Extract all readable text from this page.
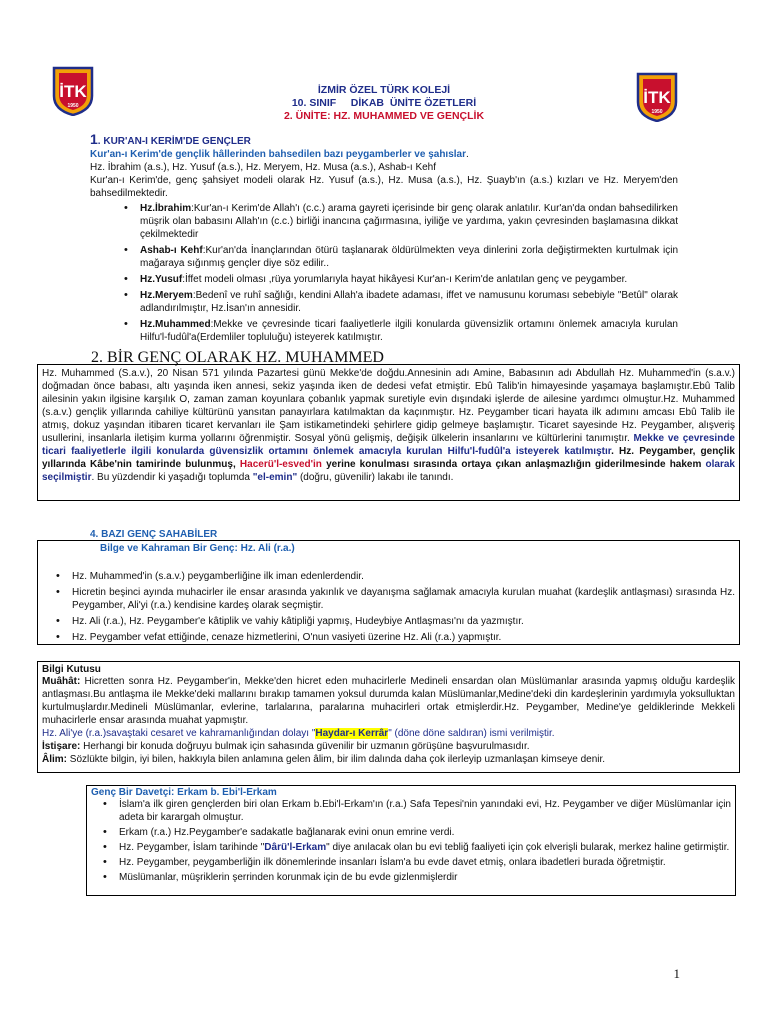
İTK
1950	İTK
1950
İZMİR ÖZEL TÜRK KOLEJİ
10. SINIF     DİKAB  ÜNİTE ÖZETLERİ
2. ÜNİTE: HZ. MUHAMMED VE GENÇLİK
1. KUR'AN-I KERİM'DE GENÇLER

Kur'an-ı Kerim'de gençlik hâllerinden bahsedilen bazı peygamberler ve şahıslar.

Hz. İbrahim (a.s.), Hz. Yusuf (a.s.), Hz. Meryem, Hz. Musa (a.s.), Ashab-ı Kehf

Kur'an-ı Kerim'de, genç şahsiyet modeli olarak Hz. Yusuf (a.s.), Hz. Musa (a.s.), Hz. Şuayb'ın (a.s.) kızları ve Hz. Meryem'den bahsedilmektedir.

• Hz.İbrahim:Kur'an-ı Kerim'de Allah'ı (c.c.) arama gayreti içerisinde bir genç olarak anlatılır. Kur'an'da ondan bahsedilirken müşrik olan babasını Allah'ın (c.c.) birliği inancına çağırmasına, iyiliğe ve yardıma, yakın çevresinden başlamasına dikkat çekilmektedir
• Ashab-ı Kehf:Kur'an'da İnançlarından ötürü taşlanarak öldürülmekten veya dinlerini zorla değiştirmekten kurtulmak için mağaraya sığınmış gençler diye söz edilir..
• Hz.Yusuf:İffet modeli olması ,rüya yorumlarıyla hayat hikâyesi Kur'an-ı Kerim'de anlatılan genç ve peygamber.
• Hz.Meryem:Bedenî ve ruhî sağlığı, kendini Allah'a ibadete adaması, iffet ve namusunu koruması sebebiyle "Betûl" olarak adlandırılmıştır, Hz.İsan'ın annesidir.
• Hz.Muhammed:Mekke ve çevresinde ticari faaliyetlerle ilgili konularda güvensizlik ortamını önlemek amacıyla kurulan Hilfu'l-fudûl'a(Erdemliler topluluğu) isteyerek katılmıştır.
2. BİR GENÇ OLARAK HZ. MUHAMMED

Hz. Muhammed (S.a.v.), 20 Nisan 571 yılında Pazartesi günü Mekke'de doğdu.Annesinin adı Amine, Babasının adı Abdullah Hz. Muhammed'in (s.a.v.) doğmadan önce babası, altı yaşında iken annesi, sekiz yaşında iken de dedesi vefat etmiştir. Ebû Talib'in himayesinde yaşamaya başlamıştır.Ebû Talib ailesinin yakın ilgisine karşılık O, zaman zaman koyunlara çobanlık yapmak suretiyle evin dışındaki işlerde de ailesine yardımcı olmuştur.Hz. Muhammed (s.a.v.) gençlik yıllarında cahiliye kültürünü yansıtan panayırlara katılmaktan da kaçınmıştır. Hz. Peygamber ticari hayata ilk adımını amcası Ebû Talib ile atmış, dokuz yaşından itibaren ticaret kervanları ile Şam istikametindeki şehirlere gidip gelmeye başlamıştır. Ticaret sayesinde Hz. Peygamber, alışveriş usullerini, insanlarla iletişim kurma yollarını öğrenmiştir. Sosyal yönü gelişmiş, değişik ülkelerin insanlarını ve kültürlerini tanımıştır. Mekke ve çevresinde ticari faaliyetlerle ilgili konularda güvensizlik ortamını önlemek amacıyla kurulan Hilfu'l-fudûl'a isteyerek katılmıştır. Hz. Peygamber, gençlik yıllarında Kâbe'nin tamirinde bulunmuş, Hacerü'l-esved'in yerine konulması sırasında ortaya çıkan anlaşmazlığın giderilmesinde hakem olarak seçilmiştir. Bu yüzdendir ki yaşadığı toplumda "el-emin" (doğru, güvenilir) lakabı ile tanındı.

4. BAZI GENÇ SAHABİLER
Bilge ve Kahraman Bir Genç: Hz. Ali (r.a.)
• Hz. Muhammed'in (s.a.v.) peygamberliğine ilk iman edenlerdendir.
• Hicretin beşinci ayında muhacirler ile ensar arasında yakınlık ve dayanışma sağlamak amacıyla kurulan muahat (kardeşlik antlaşması) sırasında Hz. Peygamber, Ali'yi (r.a.) kendisine kardeş olarak seçmiştir.
• Hz. Ali (r.a.), Hz. Peygamber'e kâtiplik ve vahiy kâtipliği yapmış, Hudeybiye Antlaşması'nı da yazmıştır.
• Hz. Peygamber vefat ettiğinde, cenaze hizmetlerini, O'nun vasiyeti üzerine Hz. Ali (r.a.) yapmıştır.
Bilgi Kutusu

Muâhât: Hicretten sonra Hz. Peygamber'in, Mekke'den hicret eden muhacirlerle Medineli ensardan olan Müslümanlar arasında yapmış olduğu kardeşlik antlaşması.Bu antlaşma ile Mekke'deki mallarını bırakıp tamamen yoksul durumda kalan Müslümanlar,Medine'deki din kardeşlerinin yardımıyla yoksulluktan kurtulmuşlardır.Medineli Müslümanlar, evlerine, tarlalarına, paralarına muhacirleri ortak etmişlerdir.Hz. Peygamber, Medine'ye geldiklerinde Mekkeli muhacirlerle ensar arasında muahat yapmıştır.

Hz. Ali'ye (r.a.)savaştaki cesaret ve kahramanlığından dolayı "Haydar-ı Kerrâr" (döne döne saldıran) ismi verilmiştir.

İstişare: Herhangi bir konuda doğruyu bulmak için sahasında güvenilir bir uzmanın görüşüne başvurulmasıdır.

Âlim: Sözlükte bilgin, iyi bilen, hakkıyla bilen anlamına gelen âlim, bir ilim dalında daha çok ilerleyip uzmanlaşan kimseye denir.

Genç Bir Davetçi: Erkam b. Ebi'l-Erkam
• İslam'a ilk giren gençlerden biri olan Erkam b.Ebi'l-Erkam'ın (r.a.) Safa Tepesi'nin yanındaki evi, Hz. Peygamber ve diğer Müslümanlar için adeta bir karargah olmuştur.
• Erkam (r.a.) Hz.Peygamber'e sadakatle bağlanarak evini onun emrine verdi.
• Hz. Peygamber, İslam tarihinde "Dârü'l-Erkam" diye anılacak olan bu evi tebliğ faaliyeti için çok elverişli bularak, merkez haline getirmiştir.
• Hz. Peygamber, peygamberliğin ilk dönemlerinde insanları İslam'a bu evde davet etmiş, onlara ibadetleri burada öğretmiştir.
• Müslümanlar, müşriklerin şerrinden korunmak için de bu evde gizlenmişlerdir
1
